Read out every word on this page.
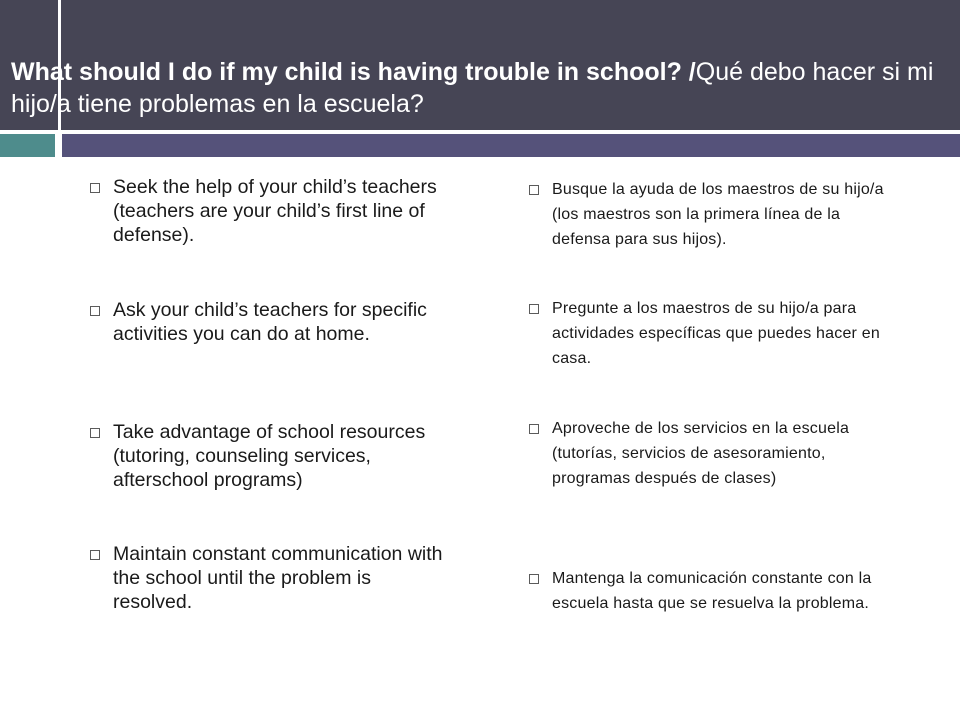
What should I do if my child is having trouble in school? /Qué debo hacer si mi hijo/a tiene problemas en la escuela?
Seek the help of your child’s teachers (teachers are your child’s first line of defense).
Ask your child’s teachers for specific activities you can do at home.
Take advantage of school resources (tutoring, counseling services, afterschool programs)
Maintain constant communication with the school until the problem is resolved.
Busque la ayuda de los maestros de su hijo/a (los maestros son la primera línea de la defensa para sus hijos).
Pregunte a los maestros de su hijo/a para actividades específicas que puedes hacer en casa.
Aproveche de los servicios en la escuela (tutorías, servicios de asesoramiento, programas después de clases)
Mantenga la comunicación constante con la escuela hasta que se resuelva la problema.
